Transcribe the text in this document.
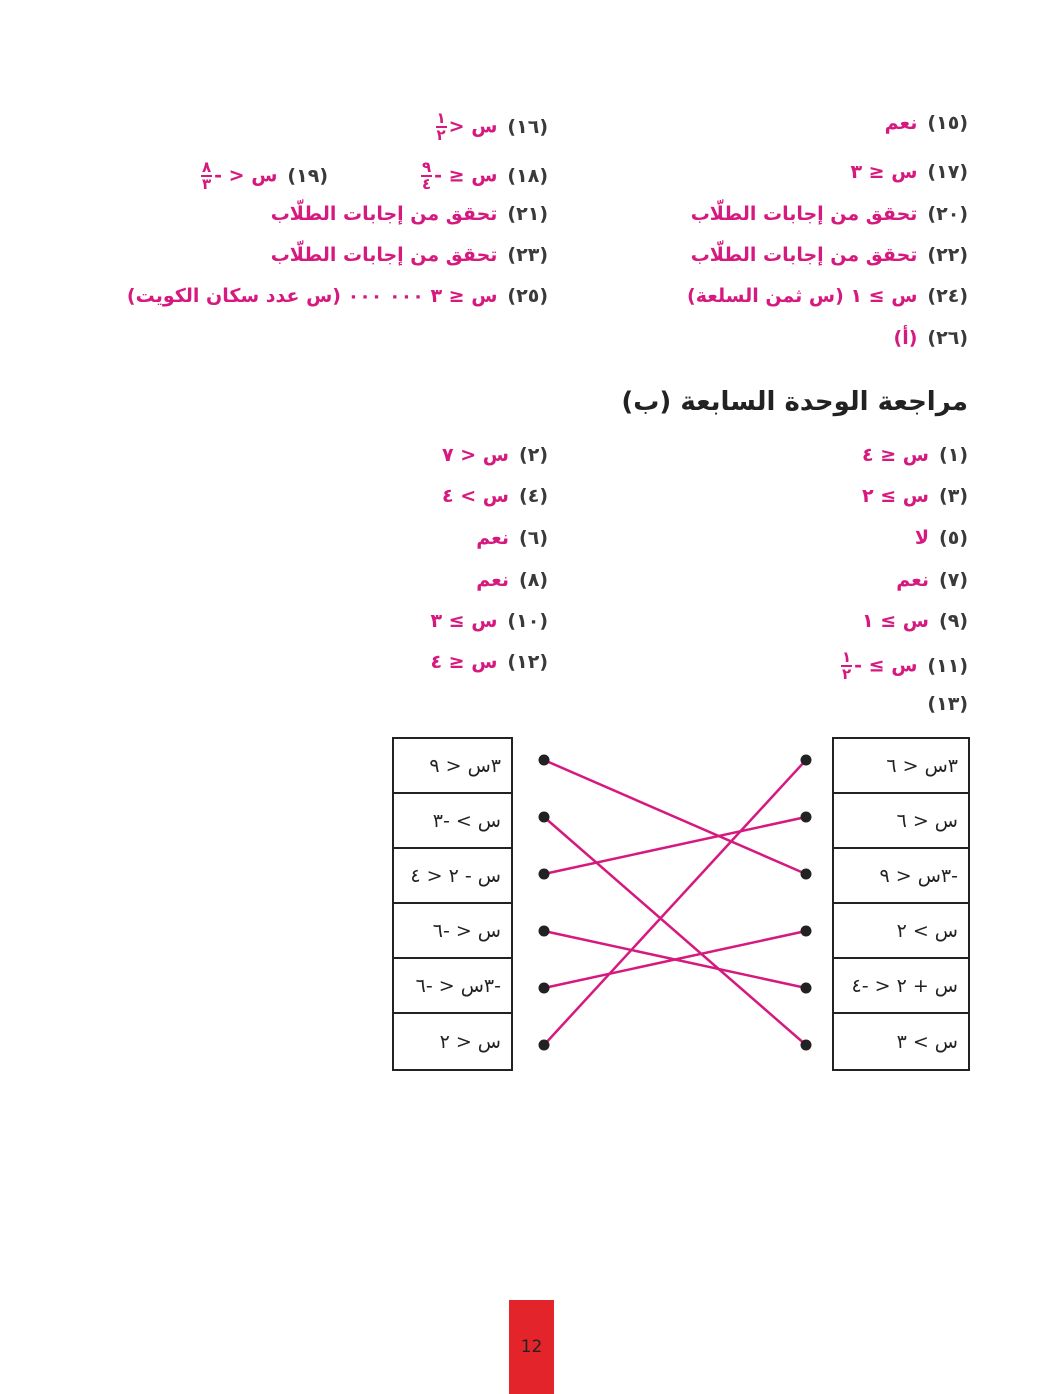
(١٥)نعم
(١٦)س <
$\frac{١}{٢}$
(١٧)س ≤ ٣
(١٨)س ≤ -
$\frac{٩}{٤}$
(١٩)س < -
$\frac{٨}{٣}$
(٢٠)تحقق من إجابات الطلّاب
(٢١)تحقق من إجابات الطلّاب
(٢٢)تحقق من إجابات الطلّاب
(٢٣)تحقق من إجابات الطلّاب
(٢٤)س ≥ ١ (س ثمن السلعة)
(٢٥)س ≤ ٣ ٠٠٠ ٠٠٠ (س عدد سكان الكويت)
(٢٦)(أ)
مراجعة الوحدة السابعة (ب)
(١)س ≤ ٤
(٢)س < ٧
(٣)س ≥ ٢
(٤)س > ٤
(٥)لا
(٦)نعم
(٧)نعم
(٨)نعم
(٩)س ≥ ١
(١٠)س ≥ ٣
(١١)س ≥ -
$\frac{١}{٢}$
(١٢)س ≤ ٤
(١٣)
٣س < ٦
س < ٦
-٣س < ٩
س > ٢
س + ٢ < -٤
س > ٣
٣س < ٩
س > -٣
س - ٢ < ٤
س < -٦
-٣س < -٦
س < ٢
12
